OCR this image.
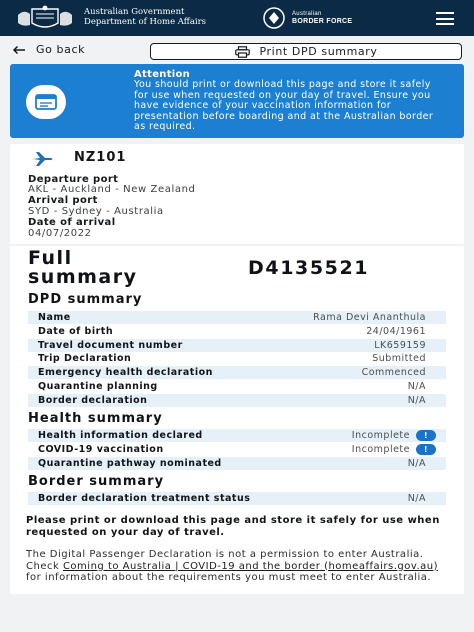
Australian Government
Department of Home Affairs
Australian
BORDER FORCE
Go back	Print DPD summary
Attention
You should print or download this page and store it safely for use when requested on your day of travel. Ensure you have evidence of your vaccination information for presentation before boarding and at the Australian border as required.
NZ101
Departure port
AKL - Auckland - New Zealand
Arrival port
SYD - Sydney - Australia
Date of arrival
04/07/2022
Full summary	D4135521
DPD summary
Name	Rama Devi Ananthula
Date of birth	24/04/1961
Travel document number	LK659159
Trip Declaration	Submitted
Emergency health declaration	Commenced
Quarantine planning	N/A
Border declaration	N/A
Health summary
Health information declared	Incomplete	!
COVID-19 vaccination	Incomplete	!
Quarantine pathway nominated	N/A
Border summary
Border declaration treatment status	N/A
Please print or download this page and store it safely for use when requested on your day of travel.
The Digital Passenger Declaration is not a permission to enter Australia. Check Coming to Australia | COVID-19 and the border (homeaffairs.gov.au) for information about the requirements you must meet to enter Australia.
